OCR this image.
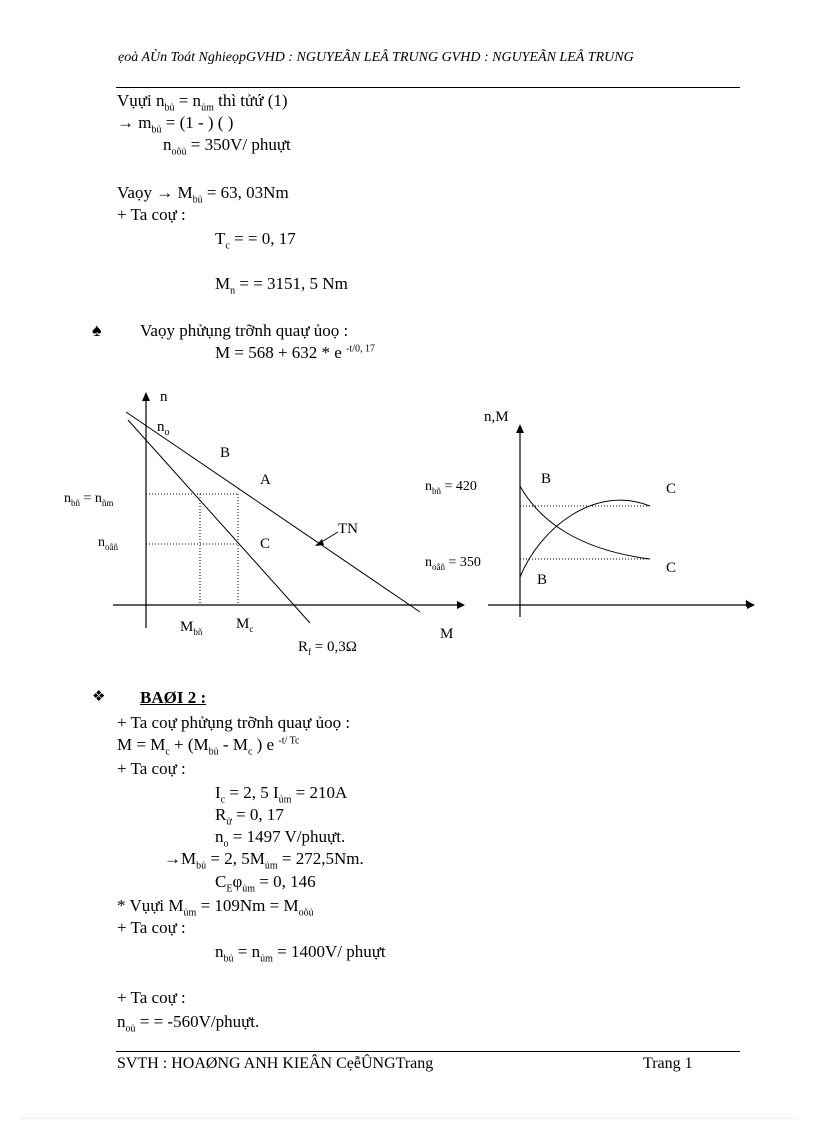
ẹoà AÙn Toát NghieọpGVHD : NGUYEÃN LEÂ TRUNG GVHD : NGUYEÃN LEÂ TRUNG
Vụựi $n_{bủ} = n_{ủm}$ thì tửứ (1)
→ $m_{bủ} = (1$ - ) ( )
$n_{oõủ} = 350V/$ phuựt
Vaọy → $M_{bủ} = 63$, 03Nm
+ Ta coự :
$T_c$ = = 0, 17
$M_n$ = = 3151, 5 Nm
♠ Vaọy phửụng trỡnh quaự ủoọ :
M = 568 + 632 * e $^{-t/0, 17}$
n
$n_o$
B
A
C
TN
$n_{bñ} = n_{ñm}$
$n_{oâñ}$
$M_{bñ}$ $M_c$
$R_f = 0,3\Omega$
M
n,M
$n_{bñ} = 420$
$n_{oâñ} = 350$
B
C
B
C
t
❖ BAØI 2 :
+ Ta coự phửụng trỡnh quaự ủoọ :
$M = M_c + (M_{bủ} - M_c$ ) e $^{-t/ Tc}$
+ Ta coự :
$I_c = 2$, 5 $I_{ủm} = 210A$
$R_ử = 0$, 17
$n_o = 1497$ V/phuựt.
$\to M_{bủ} = 2$, $5M_{ủm} = 272,5Nm$.
$C_E\varphi_{ủm} = 0$, 146
* Vụựi $M_{ủm} = 109Nm = M_{oõủ}$
+ Ta coự :
$n_{bủ} = n_{ủm} = 1400V/$ phuựt
+ Ta coự :
$n_{oủ}$ = = -560V/phuựt.
SVTH : HOAØNG ANH KIEÂN CẹễÛNGTrang	Trang 1
